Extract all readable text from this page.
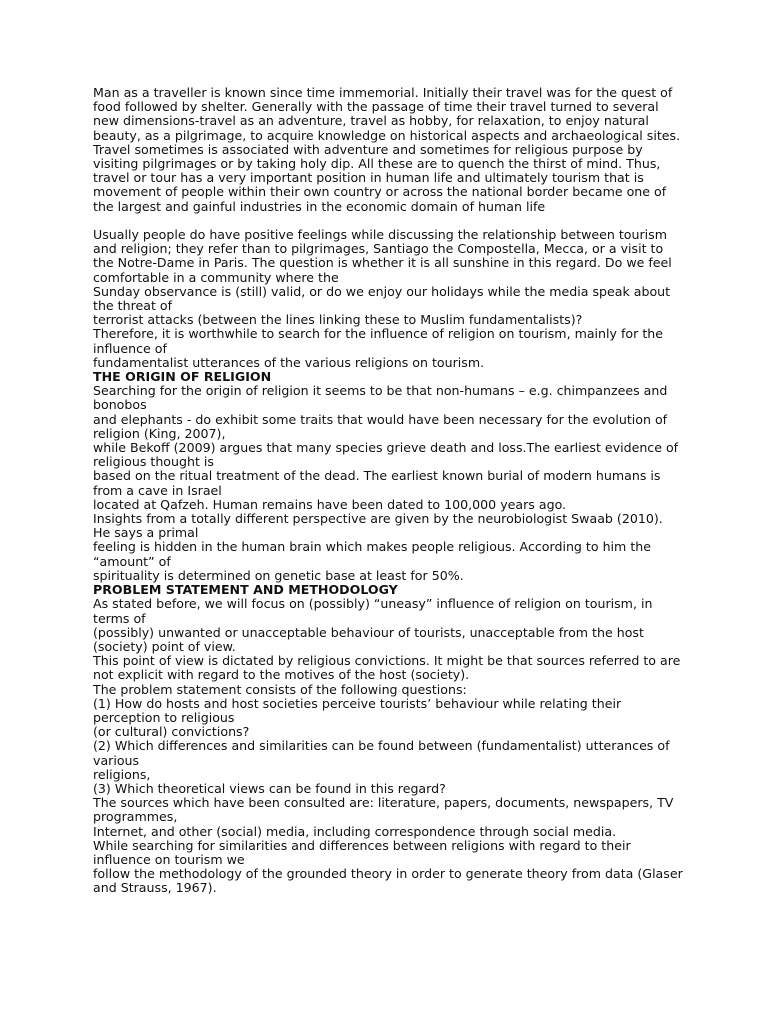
Man as a traveller is known since time immemorial. Initially their travel was for the quest of food followed by shelter. Generally with the passage of time their travel turned to several new dimensions-travel as an adventure, travel as hobby, for relaxation, to enjoy natural beauty, as a pilgrimage, to acquire knowledge on historical aspects and archaeological sites. Travel sometimes is associated with adventure and sometimes for religious purpose by visiting pilgrimages or by taking holy dip. All these are to quench the thirst of mind. Thus, travel or tour has a very important position in human life and ultimately tourism that is movement of people within their own country or across the national border became one of the largest and gainful industries in the economic domain of human life

Usually people do have positive feelings while discussing the relationship between tourism and religion; they refer than to pilgrimages, Santiago the Compostella, Mecca, or a visit to the Notre-Dame in Paris. The question is whether it is all sunshine in this regard. Do we feel comfortable in a community where the
Sunday observance is (still) valid, or do we enjoy our holidays while the media speak about the threat of
terrorist attacks (between the lines linking these to Muslim fundamentalists)?
Therefore, it is worthwhile to search for the influence of religion on tourism, mainly for the influence of
fundamentalist utterances of the various religions on tourism.
THE ORIGIN OF RELIGION
Searching for the origin of religion it seems to be that non-humans – e.g. chimpanzees and bonobos
and elephants - do exhibit some traits that would have been necessary for the evolution of religion (King, 2007),
while Bekoff (2009) argues that many species grieve death and loss.The earliest evidence of religious thought is
based on the ritual treatment of the dead. The earliest known burial of modern humans is from a cave in Israel
located at Qafzeh. Human remains have been dated to 100,000 years ago.
Insights from a totally different perspective are given by the neurobiologist Swaab (2010). He says a primal
feeling is hidden in the human brain which makes people religious. According to him the “amount” of
spirituality is determined on genetic base at least for 50%.
PROBLEM STATEMENT AND METHODOLOGY
As stated before, we will focus on (possibly) “uneasy” influence of religion on tourism, in terms of
(possibly) unwanted or unacceptable behaviour of tourists, unacceptable from the host (society) point of view.
This point of view is dictated by religious convictions. It might be that sources referred to are not explicit with regard to the motives of the host (society).
The problem statement consists of the following questions:
(1) How do hosts and host societies perceive tourists’ behaviour while relating their perception to religious
(or cultural) convictions?
(2) Which differences and similarities can be found between (fundamentalist) utterances of various
religions,
(3) Which theoretical views can be found in this regard?
The sources which have been consulted are: literature, papers, documents, newspapers, TV programmes,
Internet, and other (social) media, including correspondence through social media.
While searching for similarities and differences between religions with regard to their influence on tourism we
follow the methodology of the grounded theory in order to generate theory from data (Glaser and Strauss, 1967).
